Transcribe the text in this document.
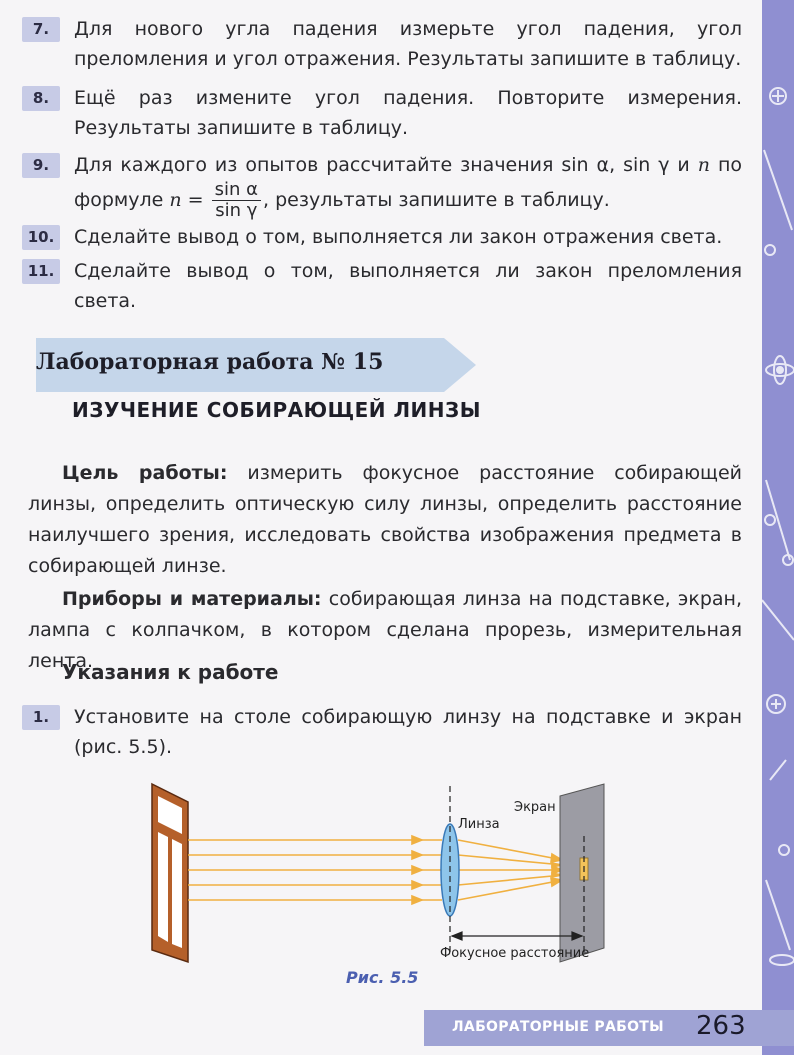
7.	Для нового угла падения измерьте угол падения, угол преломления и угол отражения. Результаты запишите в таблицу.
8.	Ещё раз измените угол падения. Повторите измерения. Результаты запишите в таблицу.
9.	Для каждого из опытов рассчитайте значения sin α, sin γ и n по формуле $n = \frac{\text{sin α}}{\text{sin γ}}$ , результаты запишите в таблицу.
10.	Сделайте вывод о том, выполняется ли закон отражения света.
11.	Сделайте вывод о том, выполняется ли закон преломления света.
Лабораторная работа № 15
ИЗУЧЕНИЕ СОБИРАЮЩЕЙ ЛИНЗЫ
Цель работы: измерить фокусное расстояние собирающей линзы, определить оптическую силу линзы, определить расстояние наилучшего зрения, исследовать свойства изображения предмета в собирающей линзе.
Приборы и материалы: собирающая линза на подставке, экран, лампа с колпачком, в котором сделана прорезь, измерительная лента.
Указания к работе
1.	Установите на столе собирающую линзу на подставке и экран (рис. 5.5).
Линза
Экран
Фокусное расстояние
Рис. 5.5
ЛАБОРАТОРНЫЕ РАБОТЫ 263
